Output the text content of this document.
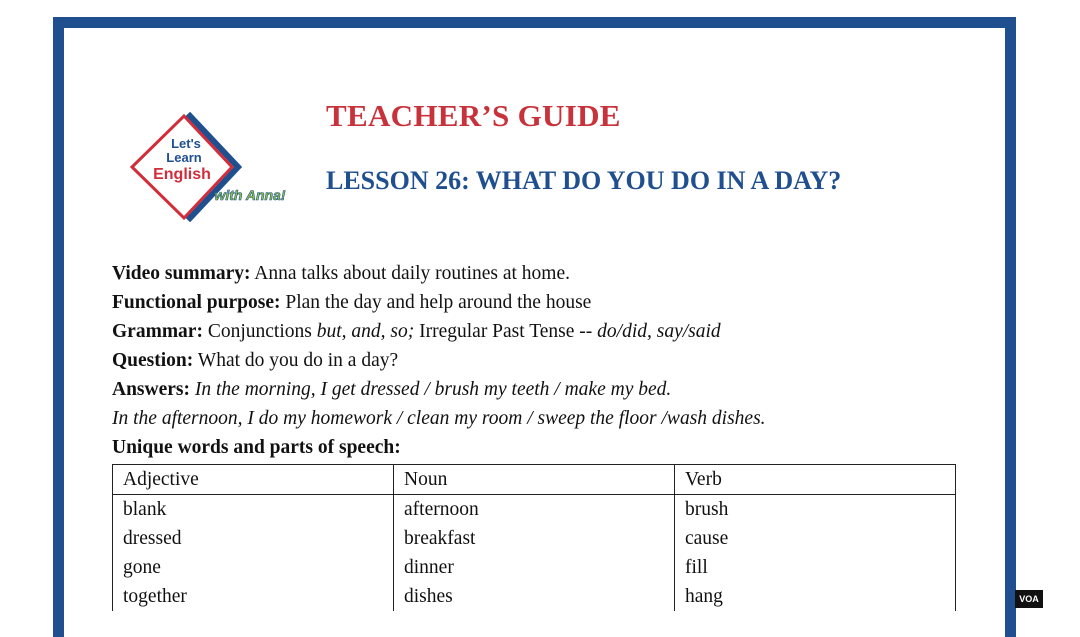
Let's
Learn
English
with Anna!
TEACHER’S GUIDE
LESSON 26: WHAT DO YOU DO IN A DAY?

Video summary: Anna talks about daily routines at home.

Functional purpose: Plan the day and help around the house

Grammar: Conjunctions but, and, so; Irregular Past Tense -- do/did, say/said

Question: What do you do in a day?

Answers: In the morning, I get dressed / brush my teeth / make my bed.

In the afternoon, I do my homework / clean my room / sweep the floor /wash dishes.

Unique words and parts of speech:

Adjective	Noun	Verb
blank	afternoon	brush
dressed	breakfast	cause
gone	dinner	fill
together	dishes	hang	VOA
